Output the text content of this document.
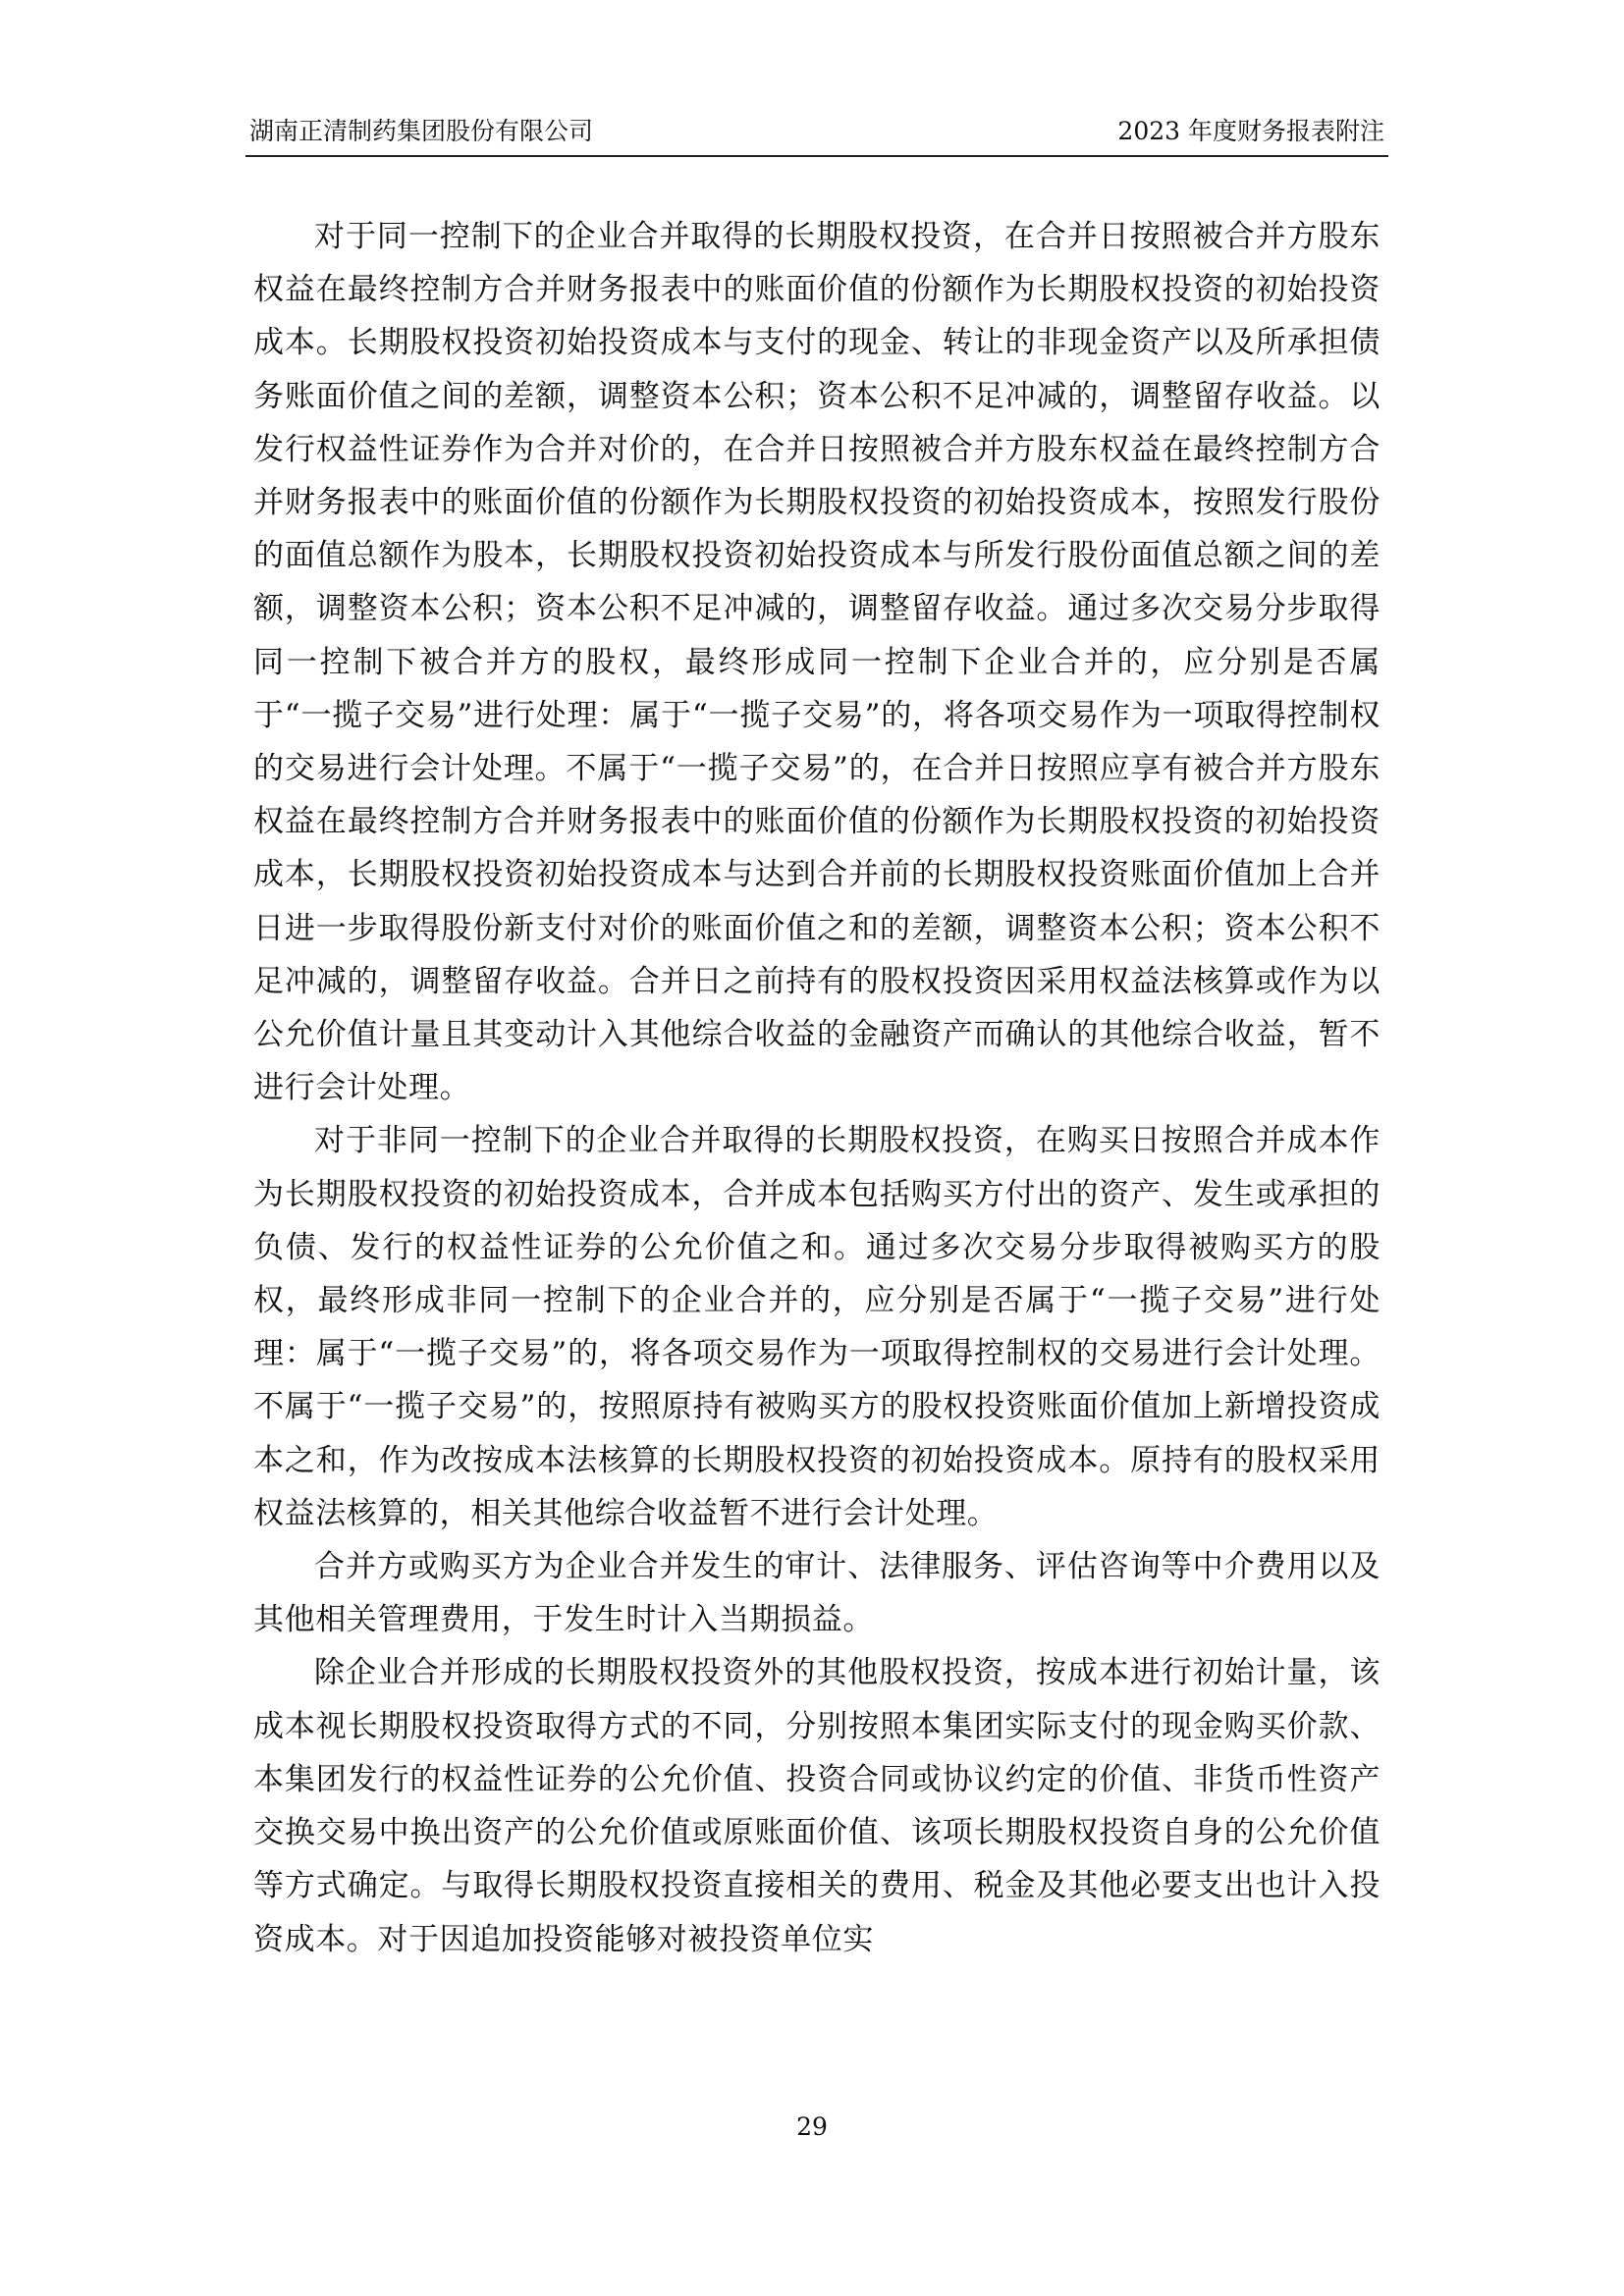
湖南正清制药集团股份有限公司	2023 年度财务报表附注

对于同一控制下的企业合并取得的长期股权投资，在合并日按照被合并方股东权益在最终控制方合并财务报表中的账面价值的份额作为长期股权投资的初始投资成本。长期股权投资初始投资成本与支付的现金、转让的非现金资产以及所承担债务账面价值之间的差额，调整资本公积；资本公积不足冲减的，调整留存收益。以发行权益性证券作为合并对价的，在合并日按照被合并方股东权益在最终控制方合并财务报表中的账面价值的份额作为长期股权投资的初始投资成本，按照发行股份的面值总额作为股本，长期股权投资初始投资成本与所发行股份面值总额之间的差额，调整资本公积；资本公积不足冲减的，调整留存收益。通过多次交易分步取得同一控制下被合并方的股权，最终形成同一控制下企业合并的，应分别是否属于“一揽子交易”进行处理：属于“一揽子交易”的，将各项交易作为一项取得控制权的交易进行会计处理。不属于“一揽子交易”的，在合并日按照应享有被合并方股东权益在最终控制方合并财务报表中的账面价值的份额作为长期股权投资的初始投资成本，长期股权投资初始投资成本与达到合并前的长期股权投资账面价值加上合并日进一步取得股份新支付对价的账面价值之和的差额，调整资本公积；资本公积不足冲减的，调整留存收益。合并日之前持有的股权投资因采用权益法核算或作为以公允价值计量且其变动计入其他综合收益的金融资产而确认的其他综合收益，暂不进行会计处理。

对于非同一控制下的企业合并取得的长期股权投资，在购买日按照合并成本作为长期股权投资的初始投资成本，合并成本包括购买方付出的资产、发生或承担的负债、发行的权益性证券的公允价值之和。通过多次交易分步取得被购买方的股权，最终形成非同一控制下的企业合并的，应分别是否属于“一揽子交易”进行处理：属于“一揽子交易”的，将各项交易作为一项取得控制权的交易进行会计处理。不属于“一揽子交易”的，按照原持有被购买方的股权投资账面价值加上新增投资成本之和，作为改按成本法核算的长期股权投资的初始投资成本。原持有的股权采用权益法核算的，相关其他综合收益暂不进行会计处理。

合并方或购买方为企业合并发生的审计、法律服务、评估咨询等中介费用以及其他相关管理费用，于发生时计入当期损益。

除企业合并形成的长期股权投资外的其他股权投资，按成本进行初始计量，该成本视长期股权投资取得方式的不同，分别按照本集团实际支付的现金购买价款、本集团发行的权益性证券的公允价值、投资合同或协议约定的价值、非货币性资产交换交易中换出资产的公允价值或原账面价值、该项长期股权投资自身的公允价值等方式确定。与取得长期股权投资直接相关的费用、税金及其他必要支出也计入投资成本。对于因追加投资能够对被投资单位实

29
